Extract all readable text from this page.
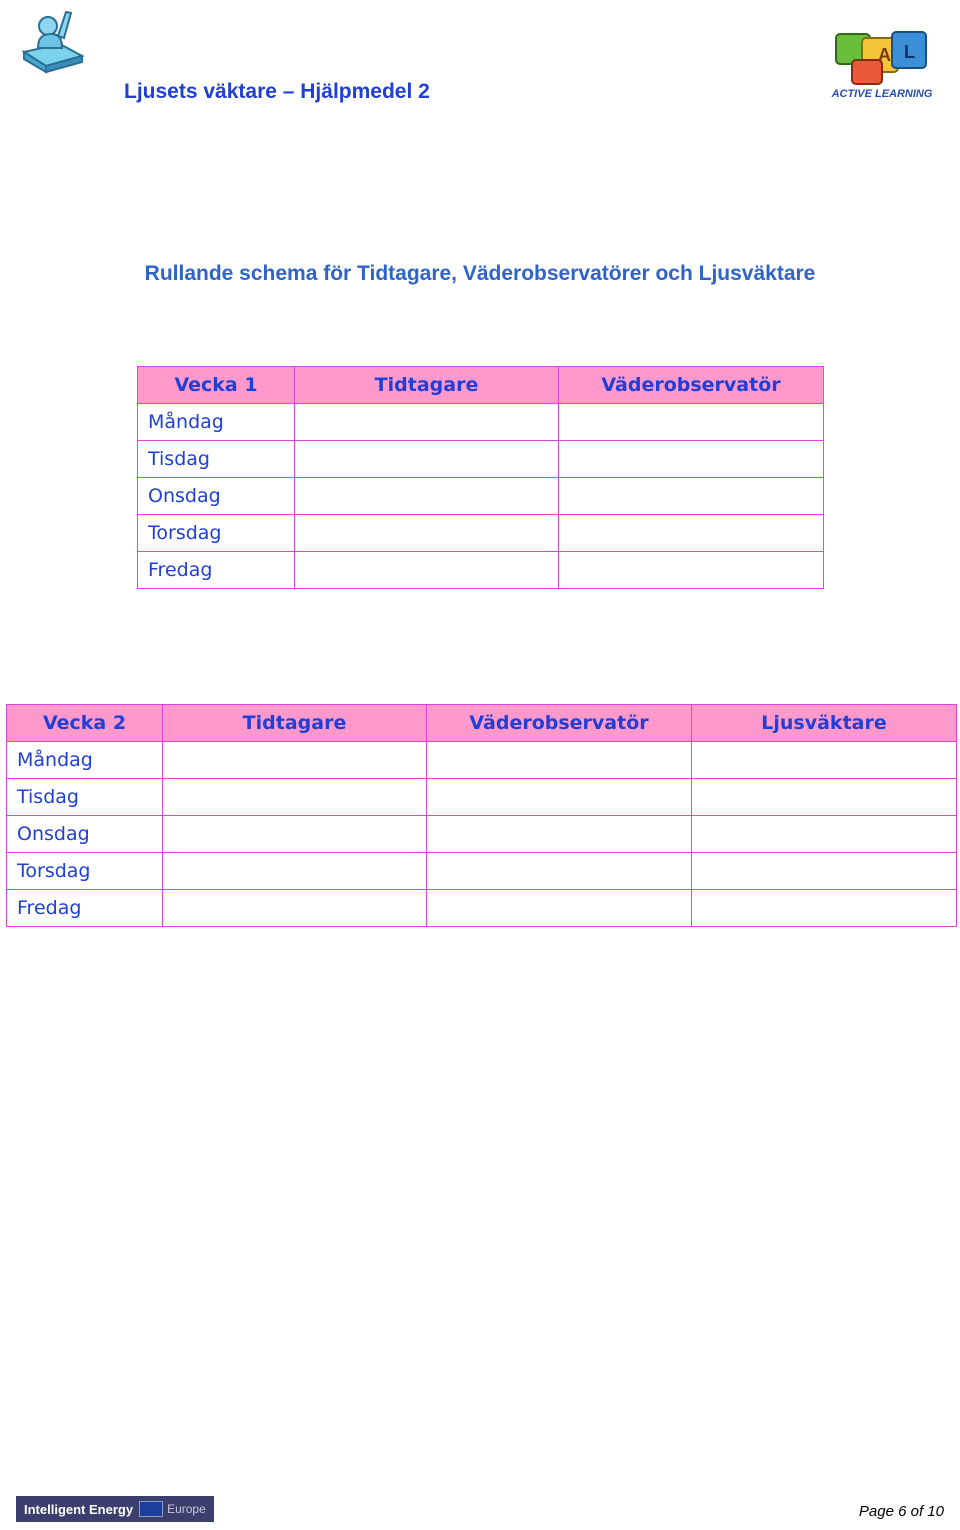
Ljusets väktare – Hjälpmedel 2
A L
ACTIVE LEARNING
Rullande schema för Tidtagare, Väderobservatörer och Ljusväktare
Vecka 1	Tidtagare	Väderobservatör
Måndag		
Tisdag		
Onsdag		
Torsdag		
Fredag		
Vecka 2	Tidtagare	Väderobservatör	Ljusväktare
Måndag			
Tisdag			
Onsdag			
Torsdag			
Fredag			
Intelligent Energy	Europe	Page 6 of 10
